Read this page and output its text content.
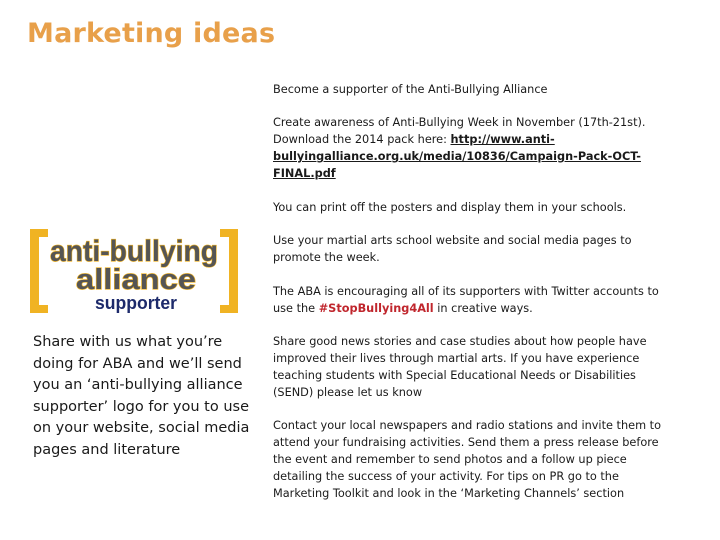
Marketing ideas

Become a supporter of the Anti-Bullying Alliance

Create awareness of Anti-Bullying Week in November (17th-21st). Download the 2014 pack here: http://www.anti-bullyingalliance.org.uk/media/10836/Campaign-Pack-OCT-FINAL.pdf

You can print off the posters and display them in your schools.

Use your martial arts school website and social media pages to promote the week.

The ABA is encouraging all of its supporters with Twitter accounts to use the #StopBullying4All in creative ways.

Share good news stories and case studies about how people have improved their lives through martial arts. If you have experience teaching students with Special Educational Needs or Disabilities (SEND) please let us know

Contact your local newspapers and radio stations and invite them to attend your fundraising activities. Send them a press release before the event and remember to send photos and a follow up piece detailing the success of your activity. For tips on PR go to the Marketing Toolkit and look in the ‘Marketing Channels’ section

anti-bullying
alliance
supporter
Share with us what you’re doing for ABA and we’ll send you an ‘anti-bullying alliance supporter’ logo for you to use on your website, social media pages and literature
